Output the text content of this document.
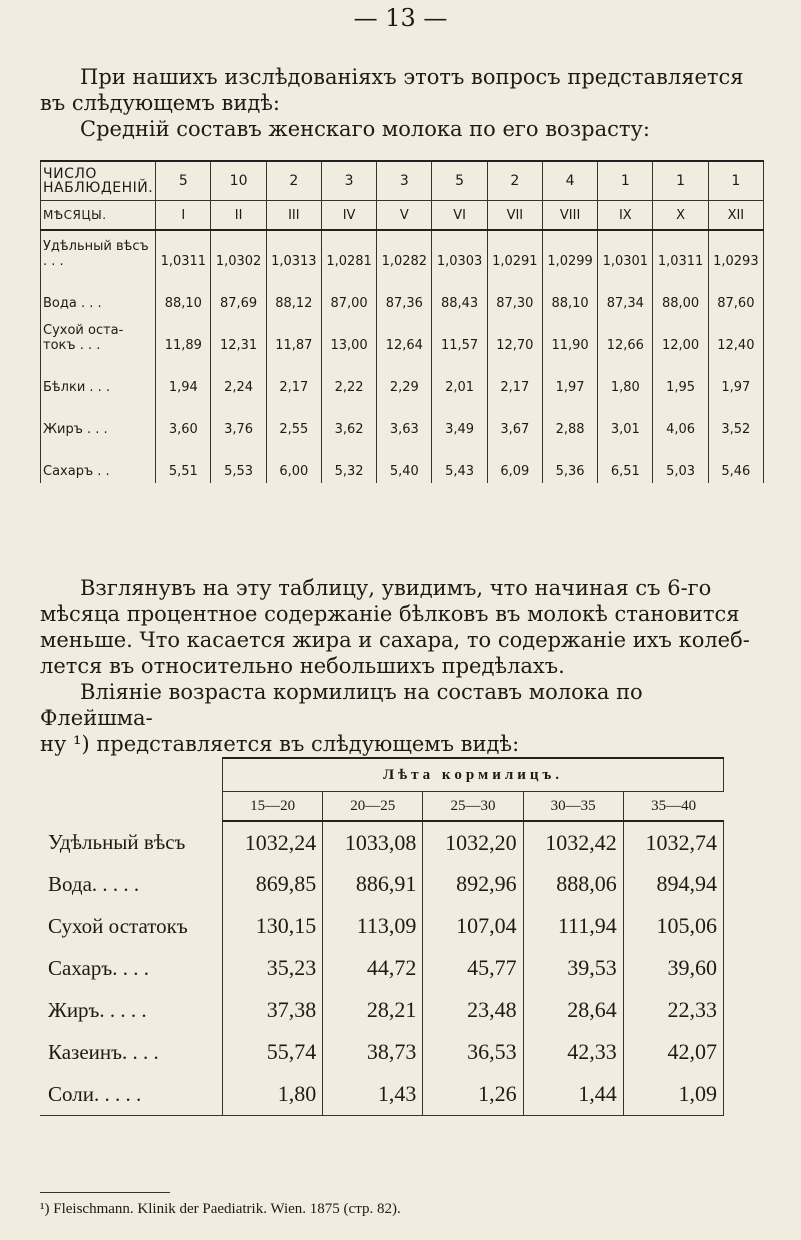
— 13 —
При нашихъ изслѣдованіяхъ этотъ вопросъ представляется
въ слѣдующемъ видѣ:
Среднiй составъ женскаго молока по его возрасту:
ЧИСЛО НАБЛЮДЕНІЙ.	5	10	2	3	3	5	2	4	1	1	1
МѢСЯЦЫ.	I	II	III	IV	V	VI	VII	VIII	IX	X	XII
Удѣльный вѣсъ . . .	1,0311	1,0302	1,0313	1,0281	1,0282	1,0303	1,0291	1,0299	1,0301	1,0311	1,0293
Вода . . .	88,10	87,69	88,12	87,00	87,36	88,43	87,30	88,10	87,34	88,00	87,60
Сухой оста-токъ . . .	11,89	12,31	11,87	13,00	12,64	11,57	12,70	11,90	12,66	12,00	12,40
Бѣлки . . .	1,94	2,24	2,17	2,22	2,29	2,01	2,17	1,97	1,80	1,95	1,97
Жиръ . . .	3,60	3,76	2,55	3,62	3,63	3,49	3,67	2,88	3,01	4,06	3,52
Сахаръ . .	5,51	5,53	6,00	5,32	5,40	5,43	6,09	5,36	6,51	5,03	5,46
Взглянувъ на эту таблицу, увидимъ, что начиная съ 6-го
мѣсяца процентное содержаніе бѣлковъ въ молокѣ становится
меньше. Что касается жира и сахара, то содержаніе ихъ колеб-
лется въ относительно небольшихъ предѣлахъ.
Вліяніе возраста кормилицъ на составъ молока по Флейшма-
ну ¹) представляется въ слѣдующемъ видѣ:
	Лѣта кормилицъ.				
	15—20	20—25	25—30	30—35	35—40
Удѣльный вѣсъ	1032,24	1033,08	1032,20	1032,42	1032,74
Вода. . . . .	869,85	886,91	892,96	888,06	894,94
Сухой остатокъ	130,15	113,09	107,04	111,94	105,06
Сахаръ. . . .	35,23	44,72	45,77	39,53	39,60
Жиръ. . . . .	37,38	28,21	23,48	28,64	22,33
Казеинъ. . . .	55,74	38,73	36,53	42,33	42,07
Соли. . . . .	1,80	1,43	1,26	1,44	1,09
¹) Fleischmann. Klinik der Paediatrik. Wien. 1875 (стр. 82).
